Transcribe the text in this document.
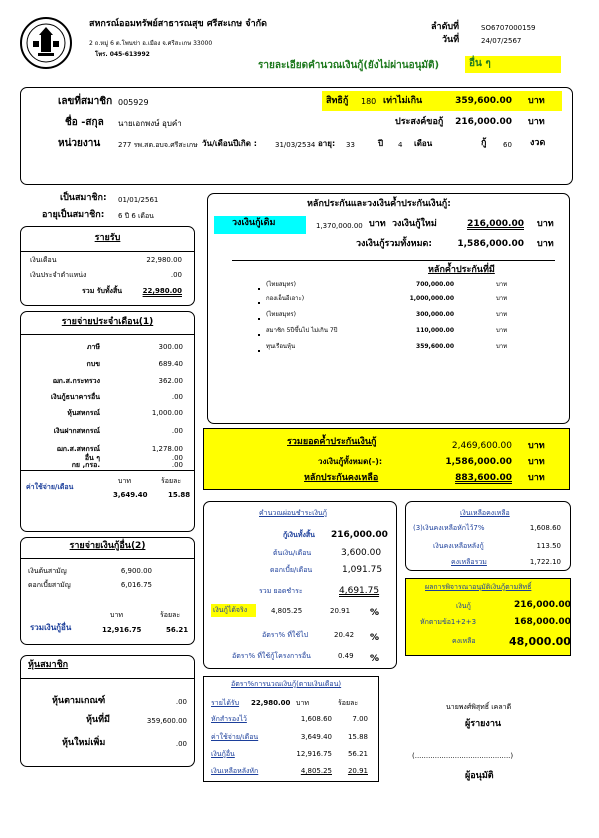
สหกรณ์ออมทรัพย์สาธารณสุข ศรีสะเกษ จำกัด
2 ถ.หมู่ 6 ต.โพนข่า อ.เมือง จ.ศรีสะเกษ 33000
โทร. 045-613992
ลำดับที่	SO6707000159
วันที่	24/07/2567
รายละเอียดคำนวณเงินกู้(ยังไม่ผ่านอนุมัติ)	อื่น ๆ
เลขที่สมาชิก 005929	สิทธิกู้ 180 เท่าไม่เกิน	359,600.00 บาท
ชื่อ -สกุล นายเอกพงษ์ อุบคำ	ประสงค์ขอกู้	216,000.00 บาท
หน่วยงาน	277 รพ.สต.อบจ.ศรีสะเกษ วัน/เดือนปีเกิด :	31/03/2534 อายุ: 33	ปี 4 เดือน	กู้ 60 งวด
เป็นสมาชิก: 01/01/2561
อายุเป็นสมาชิก: 6 ปี 6 เดือน
รายรับ
เงินเดือน	22,980.00
เงินประจำตำแหน่ง	.00
รวม รับทั้งสิ้น	22,980.00
รายจ่ายประจำเดือน(1)
ภาษี	300.00
กบข	689.40
ฌก.ส.กระทรวง	362.00
เงินกู้ธนาคารอื่น	.00
หุ้นสหกรณ์	1,000.00
เงินฝากสหกรณ์	.00
ฌก.ส.สหกรณ์	1,278.00
กย ,กรอ.	.00
อื่น ๆ	.00
ค่าใช้จ่าย/เดือน
บาท	ร้อยละ
3,649.40	15.88
รายจ่ายเงินกู้อื่น(2)
เงินต้นสามัญ	6,900.00
ดอกเบี้ยสามัญ	6,016.75
บาท	ร้อยละ
รวมเงินกู้อื่น	12,916.75	56.21
หุ้นสมาชิก
หุ้นตามเกณฑ์	.00
หุ้นที่มี	359,600.00
หุ้นใหม่เพิ่ม	.00
หลักประกันและวงเงินค้ำประกันเงินกู้:
วงเงินกู้เดิม	1,370,000.00 บาท วงเงินกู้ใหม่	216,000.00 บาท
วงเงินกู้รวมทั้งหมด:	1,586,000.00 บาท
หลักค้ำประกันที่มี
(ไทยสมุทร)	700,000.00	บาท
กองเอ็นอีเอาะ)	1,000,000.00	บาท
(ไทยสมุทร)	300,000.00	บาท
สมาชิก 5ปีขึ้นไป ไม่เกิน 7ปี	110,000.00	บาท
ทุนเรือนหุ้น	359,600.00	บาท
รวมยอดค้ำประกันเงินกู้	2,469,600.00 บาท
วงเงินกู้ทั้งหมด(-):	1,586,000.00 บาท
หลักประกันคงเหลือ	883,600.00 บาท
คำนวณผ่อนชำระเงินกู้
กู้เงินทั้งสิ้น 216,000.00
ต้นเงิน/เดือน	3,600.00
ดอกเบี้ย/เดือน	1,091.75
รวม ยอดชำระ	4,691.75
เงินกู้ได้จริง	4,805.25	20.91 %
อัตรา% ที่ใช้ไป	20.42 %
อัตรา% ที่ใช้กู้โครงการอื่น	0.49 %
เงินเหลือคงเหลือ
(3)เงินคงเหลือหักไว้7%	1,608.60
เงินคงเหลือหลังกู้	113.50
คงเหลือรวม	1,722.10
ผลการพิจารณาอนุมัติเงินกู้ตามสิทธิ์
เงินกู้	216,000.00
หักตามข้อ1+2+3	168,000.00
คงเหลือ	48,000.00
อัตรา%การนวณเงินกู้(ตามเงินเดือน)
รายได้รับ 22,980.00 บาท	ร้อยละ
หักสำรองไว้	1,608.60	7.00
ค่าใช้จ่าย/เดือน	3,649.40	15.88
เงินกู้อื่น	12,916.75	56.21
เงินเหลือหลังหัก	4,805.25	20.91
นายพงศ์พิสุทธิ์ เคลาดี
ผู้รายงาน
(...........................................)
ผู้อนุมัติ
